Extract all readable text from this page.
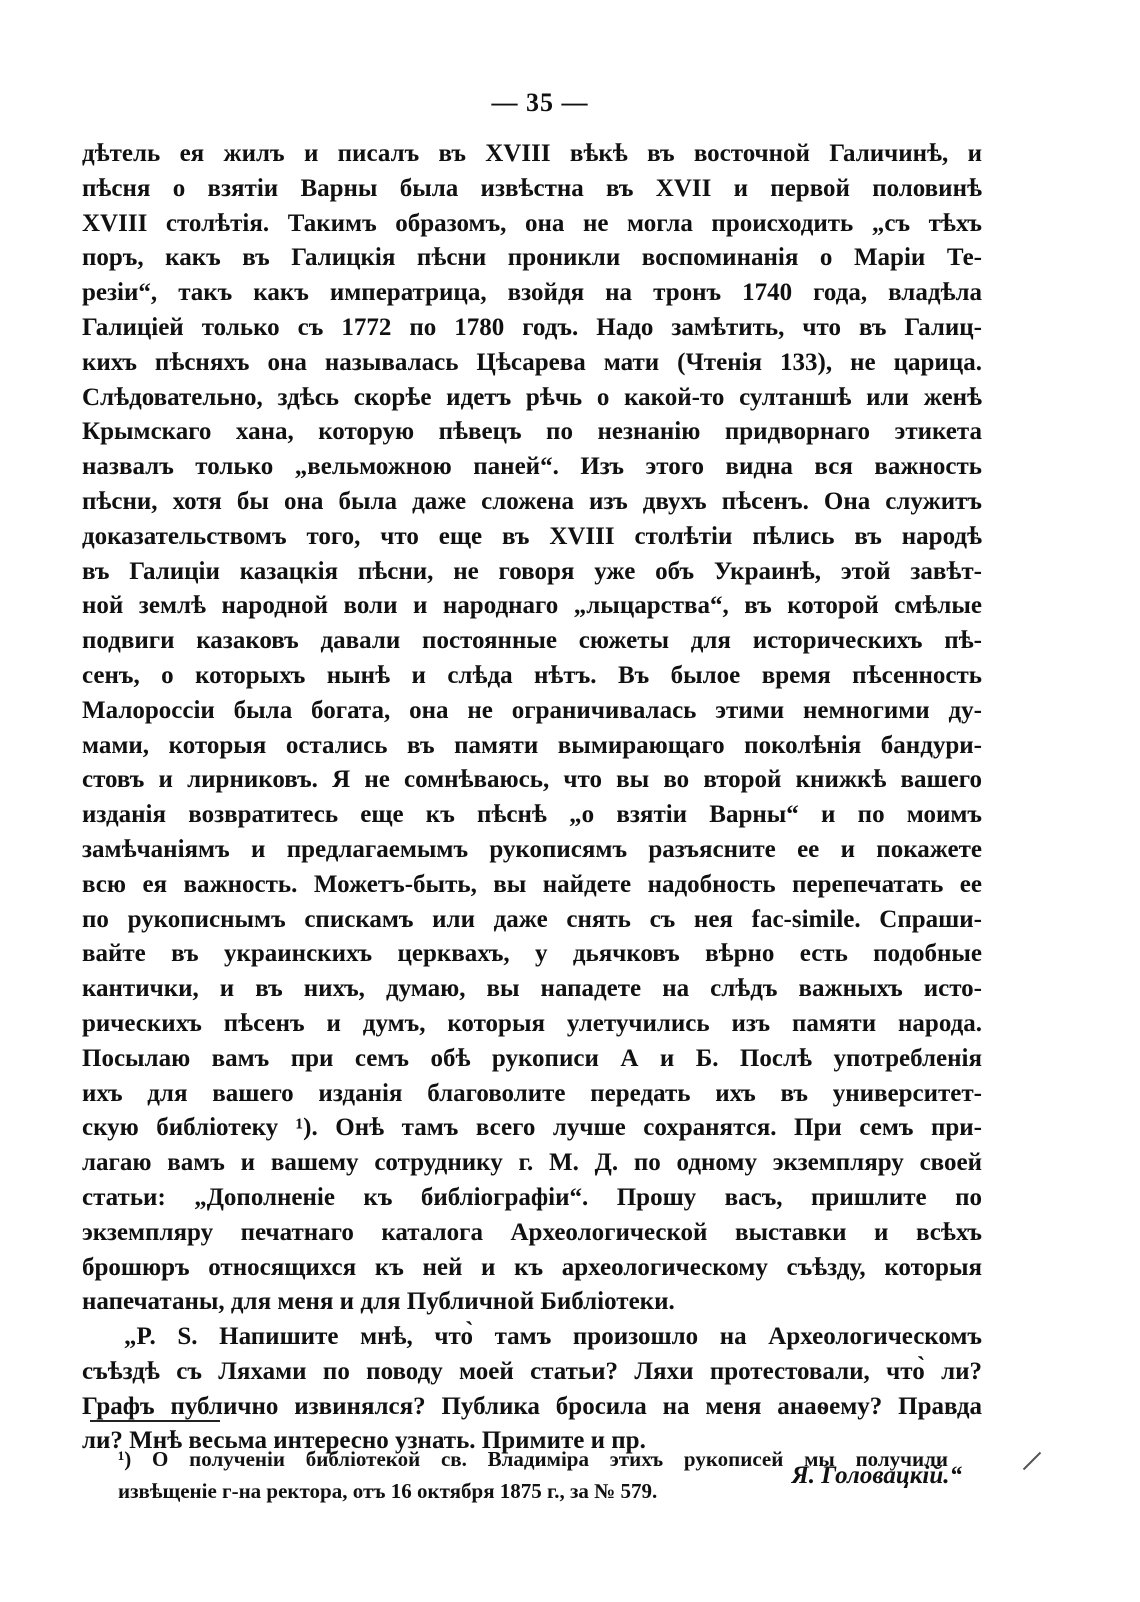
— 35 —
дѣтель ея жилъ и писалъ въ XVIII вѣкѣ въ восточной Галичинѣ, и
пѣсня о взятіи Варны была извѣстна въ XVII и первой половинѣ
XVIII столѣтія. Такимъ образомъ, она не могла происходить „съ тѣхъ
поръ, какъ въ Галицкія пѣсни проникли воспоминанія о Маріи Те-
резіи“, такъ какъ императрица, взойдя на тронъ 1740 года, владѣла
Галиціей только съ 1772 по 1780 годъ. Надо замѣтить, что въ Галиц-
кихъ пѣсняхъ она называлась Цѣсарева мати (Чтенія 133), не царица.
Слѣдовательно, здѣсь скорѣе идетъ рѣчь о какой-то султаншѣ или женѣ
Крымскаго хана, которую пѣвецъ по незнанію придворнаго этикета
назвалъ только „вельможною паней“. Изъ этого видна вся важность
пѣсни, хотя бы она была даже сложена изъ двухъ пѣсенъ. Она служитъ
доказательствомъ того, что еще въ XVIII столѣтіи пѣлись въ народѣ
въ Галиціи казацкія пѣсни, не говоря уже объ Украинѣ, этой завѣт-
ной землѣ народной воли и народнаго „лыцарства“, въ которой смѣлые
подвиги казаковъ давали постоянные сюжеты для историческихъ пѣ-
сенъ, о которыхъ нынѣ и слѣда нѣтъ. Въ былое время пѣсенность
Малороссіи была богата, она не ограничивалась этими немногими ду-
мами, которыя остались въ памяти вымирающаго поколѣнія бандури-
стовъ и лирниковъ. Я не сомнѣваюсь, что вы во второй книжкѣ вашего
изданія возвратитесь еще къ пѣснѣ „о взятіи Варны“ и по моимъ
замѣчаніямъ и предлагаемымъ рукописямъ разъясните ее и покажете
всю ея важность. Можетъ-быть, вы найдете надобность перепечатать ее
по рукописнымъ спискамъ или даже снять съ нея fac-simile. Спраши-
вайте въ украинскихъ церквахъ, у дьячковъ вѣрно есть подобные
кантички, и въ нихъ, думаю, вы нападете на слѣдъ важныхъ исто-
рическихъ пѣсенъ и думъ, которыя улетучились изъ памяти народа.
Посылаю вамъ при семъ обѣ рукописи А и Б. Послѣ употребленія
ихъ для вашего изданія благоволите передать ихъ въ университет-
скую библіотеку ¹). Онѣ тамъ всего лучше сохранятся. При семъ при-
лагаю вамъ и вашему сотруднику г. М. Д. по одному экземпляру своей
статьи: „Дополненіе къ библіографіи“. Прошу васъ, пришлите по
экземпляру печатнаго каталога Археологической выставки и всѣхъ
брошюръ относящихся къ ней и къ археологическому съѣзду, которыя
напечатаны, для меня и для Публичной Библіотеки.
„P. S. Напишите мнѣ, что̀ тамъ произошло на Археологическомъ
съѣздѣ съ Ляхами по поводу моей статьи? Ляхи протестовали, что̀ ли?
Графъ публично извинялся? Публика бросила на меня анаѳему? Правда
ли? Мнѣ весьма интересно узнать. Примите и пр.
Я. Головацкій.“
¹) О полученіи библіотекой св. Владиміра этихъ рукописей мы получили
извѣщеніе г-на ректора, отъ 16 октября 1875 г., за № 579.
